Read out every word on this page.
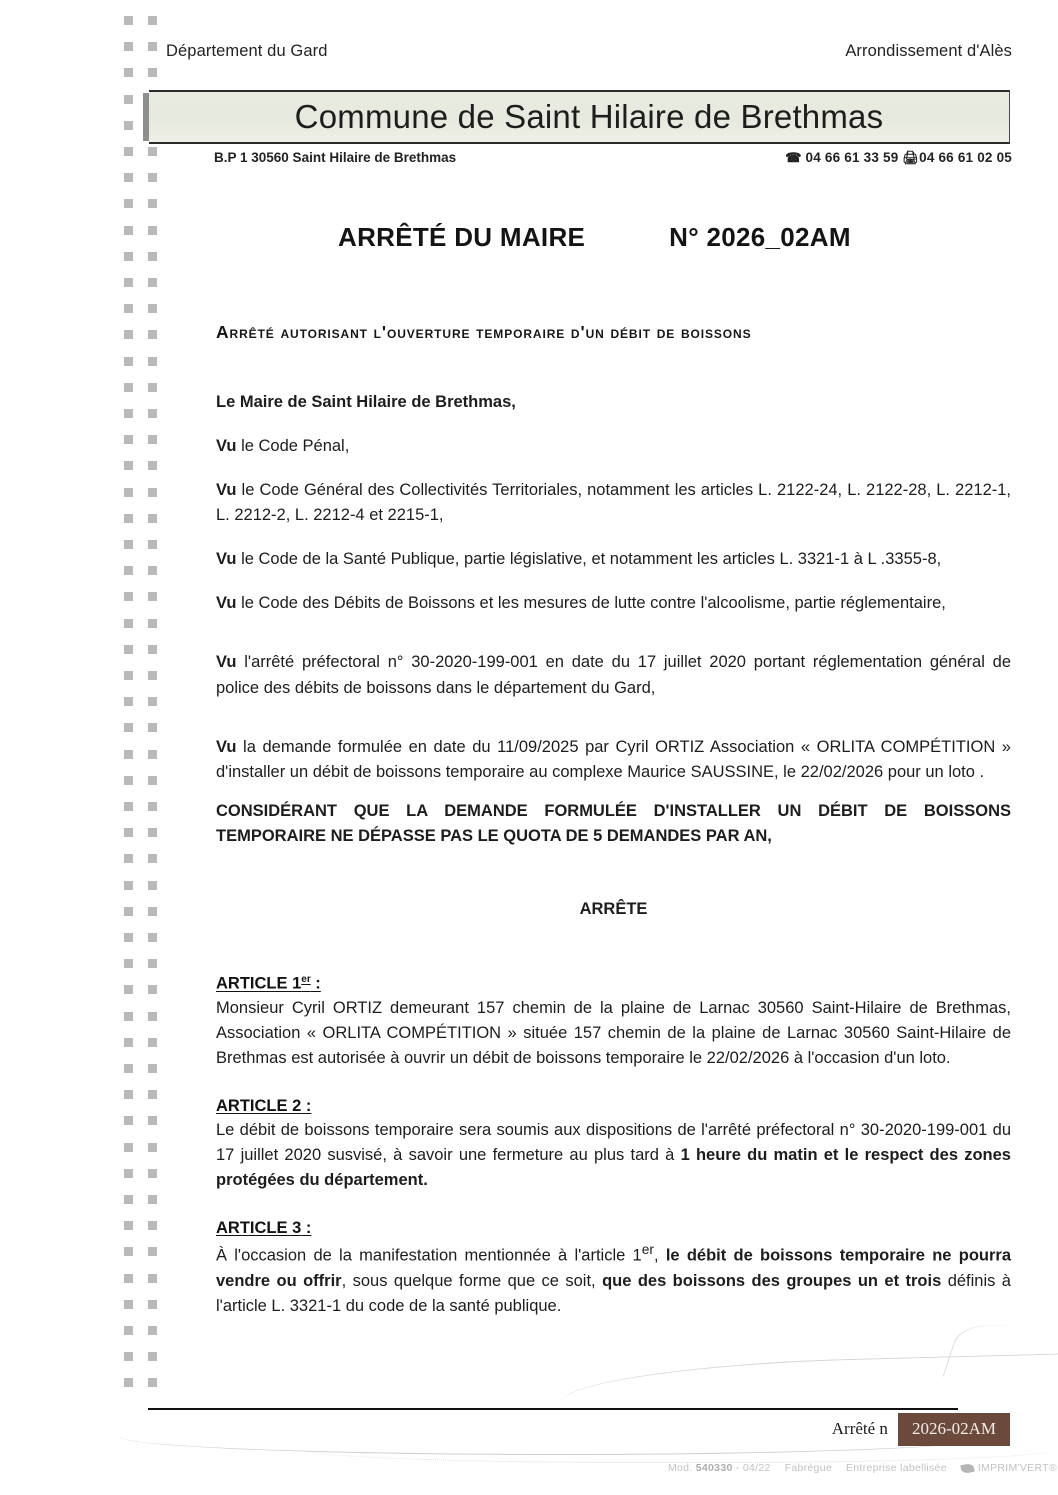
Département du Gard	Arrondissement d'Alès
Commune de Saint Hilaire de Brethmas
B.P 1 30560 Saint Hilaire de Brethmas	☎ 04 66 61 33 59 🖨04 66 61 02 05
ARRÊTÉ DU MAIRE	N° 2026_02AM
Arrêté autorisant l'ouverture temporaire d'un débit de boissons

Le Maire de Saint Hilaire de Brethmas,

Vu le Code Pénal,

Vu le Code Général des Collectivités Territoriales, notamment les articles L. 2122-24, L. 2122-28, L. 2212-1, L. 2212-2, L. 2212-4 et 2215-1,

Vu le Code de la Santé Publique, partie législative, et notamment les articles L. 3321-1 à L .3355-8,

Vu le Code des Débits de Boissons et les mesures de lutte contre l'alcoolisme, partie réglementaire,

Vu l'arrêté préfectoral n° 30-2020-199-001 en date du 17 juillet 2020 portant réglementation général de police des débits de boissons dans le département du Gard,

Vu la demande formulée en date du 11/09/2025 par Cyril ORTIZ Association « ORLITA COMPÉTITION » d'installer un débit de boissons temporaire au complexe Maurice SAUSSINE, le 22/02/2026 pour un loto .

CONSIDÉRANT QUE LA DEMANDE FORMULÉE D'INSTALLER UN DÉBIT DE BOISSONS TEMPORAIRE NE DÉPASSE PAS LE QUOTA DE 5 DEMANDES PAR AN,

ARRÊTE

ARTICLE 1er :

Monsieur Cyril ORTIZ demeurant 157 chemin de la plaine de Larnac 30560 Saint-Hilaire de Brethmas, Association « ORLITA COMPÉTITION » située 157 chemin de la plaine de Larnac 30560 Saint-Hilaire de Brethmas est autorisée à ouvrir un débit de boissons temporaire le 22/02/2026 à l'occasion d'un loto.

ARTICLE 2 :

Le débit de boissons temporaire sera soumis aux dispositions de l'arrêté préfectoral n° 30-2020-199-001 du 17 juillet 2020 susvisé, à savoir une fermeture au plus tard à 1 heure du matin et le respect des zones protégées du département.

ARTICLE 3 :

À l'occasion de la manifestation mentionnée à l'article 1er, le débit de boissons temporaire ne pourra vendre ou offrir, sous quelque forme que ce soit, que des boissons des groupes un et trois définis à l'article L. 3321-1 du code de la santé publique.

Arrêté n	2026-02AM
Mod. 540330 - 04/22 Fabrègue Entreprise labellisée	IMPRIM'VERT®
